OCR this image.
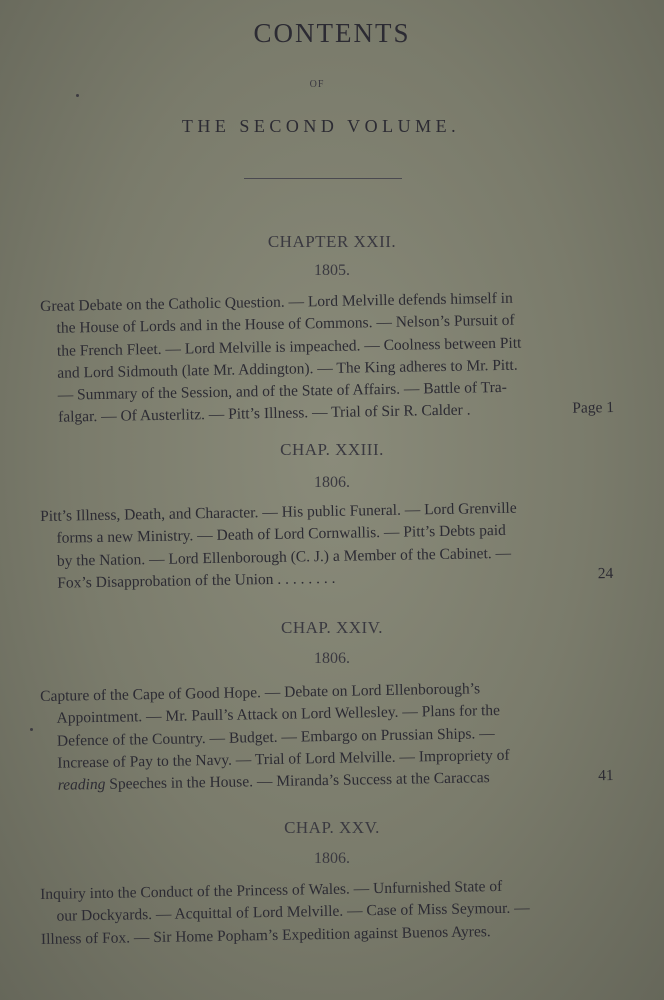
CONTENTS
OF
THE SECOND VOLUME.
CHAPTER XXII.
1805.
Great Debate on the Catholic Question. — Lord Melville defends himself in
the House of Lords and in the House of Commons. — Nelson’s Pursuit of
the French Fleet. — Lord Melville is impeached. — Coolness between Pitt
and Lord Sidmouth (late Mr. Addington). — The King adheres to Mr. Pitt.
— Summary of the Session, and of the State of Affairs. — Battle of Tra-
falgar. — Of Austerlitz. — Pitt’s Illness. — Trial of Sir R. Calder .	Page 1
CHAP. XXIII.
1806.
Pitt’s Illness, Death, and Character. — His public Funeral. — Lord Grenville
forms a new Ministry. — Death of Lord Cornwallis. — Pitt’s Debts paid
by the Nation. — Lord Ellenborough (C. J.) a Member of the Cabinet. —
Fox’s Disapprobation of the Union . . . . . . . .	24
CHAP. XXIV.
1806.
Capture of the Cape of Good Hope. — Debate on Lord Ellenborough’s
Appointment. — Mr. Paull’s Attack on Lord Wellesley. — Plans for the
Defence of the Country. — Budget. — Embargo on Prussian Ships. —
Increase of Pay to the Navy. — Trial of Lord Melville. — Impropriety of
reading Speeches in the House. — Miranda’s Success at the Caraccas	41
CHAP. XXV.
1806.
Inquiry into the Conduct of the Princess of Wales. — Unfurnished State of
our Dockyards. — Acquittal of Lord Melville. — Case of Miss Seymour. —
Illness of Fox. — Sir Home Popham’s Expedition against Buenos Ayres.
